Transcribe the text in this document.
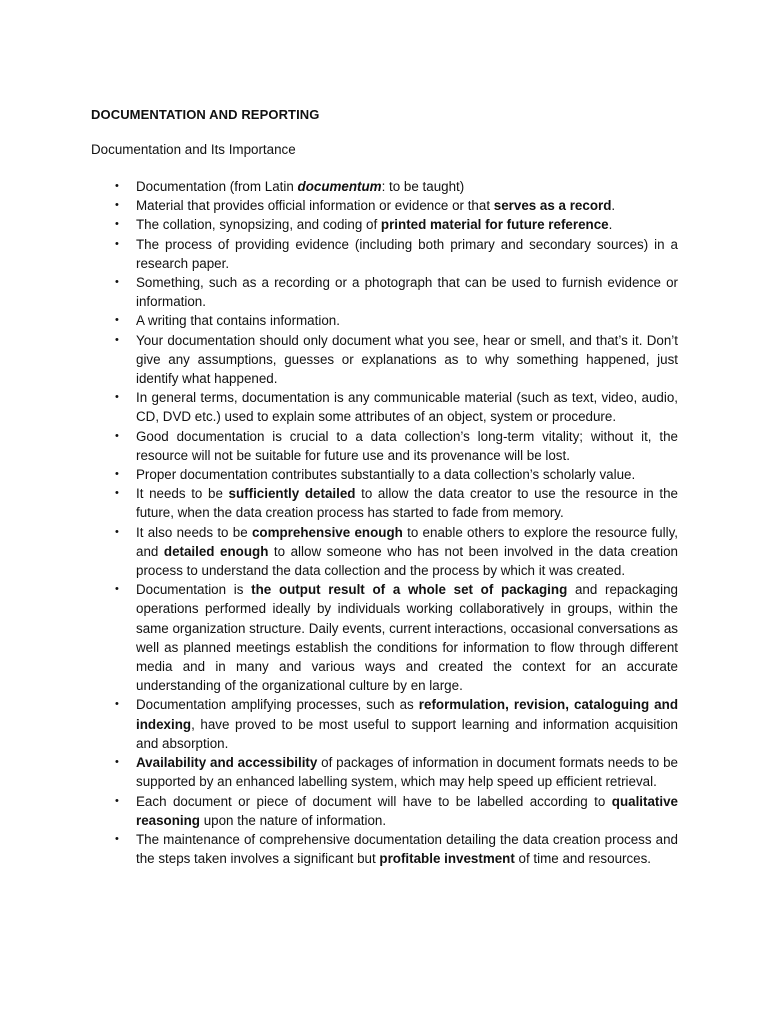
DOCUMENTATION AND REPORTING

Documentation and Its Importance

• Documentation (from Latin documentum: to be taught)
• Material that provides official information or evidence or that serves as a record.
• The collation, synopsizing, and coding of printed material for future reference.
• The process of providing evidence (including both primary and secondary sources) in a research paper.
• Something, such as a recording or a photograph that can be used to furnish evidence or information.
• A writing that contains information.
• Your documentation should only document what you see, hear or smell, and that’s it. Don’t give any assumptions, guesses or explanations as to why something happened, just identify what happened.
• In general terms, documentation is any communicable material (such as text, video, audio, CD, DVD etc.) used to explain some attributes of an object, system or procedure.
• Good documentation is crucial to a data collection’s long-term vitality; without it, the resource will not be suitable for future use and its provenance will be lost.
• Proper documentation contributes substantially to a data collection’s scholarly value.
• It needs to be sufficiently detailed to allow the data creator to use the resource in the future, when the data creation process has started to fade from memory.
• It also needs to be comprehensive enough to enable others to explore the resource fully, and detailed enough to allow someone who has not been involved in the data creation process to understand the data collection and the process by which it was created.
• Documentation is the output result of a whole set of packaging and repackaging operations performed ideally by individuals working collaboratively in groups, within the same organization structure. Daily events, current interactions, occasional conversations as well as planned meetings establish the conditions for information to flow through different media and in many and various ways and created the context for an accurate understanding of the organizational culture by en large.
• Documentation amplifying processes, such as reformulation, revision, cataloguing and indexing, have proved to be most useful to support learning and information acquisition and absorption.
• Availability and accessibility of packages of information in document formats needs to be supported by an enhanced labelling system, which may help speed up efficient retrieval.
• Each document or piece of document will have to be labelled according to qualitative reasoning upon the nature of information.
• The maintenance of comprehensive documentation detailing the data creation process and the steps taken involves a significant but profitable investment of time and resources.
